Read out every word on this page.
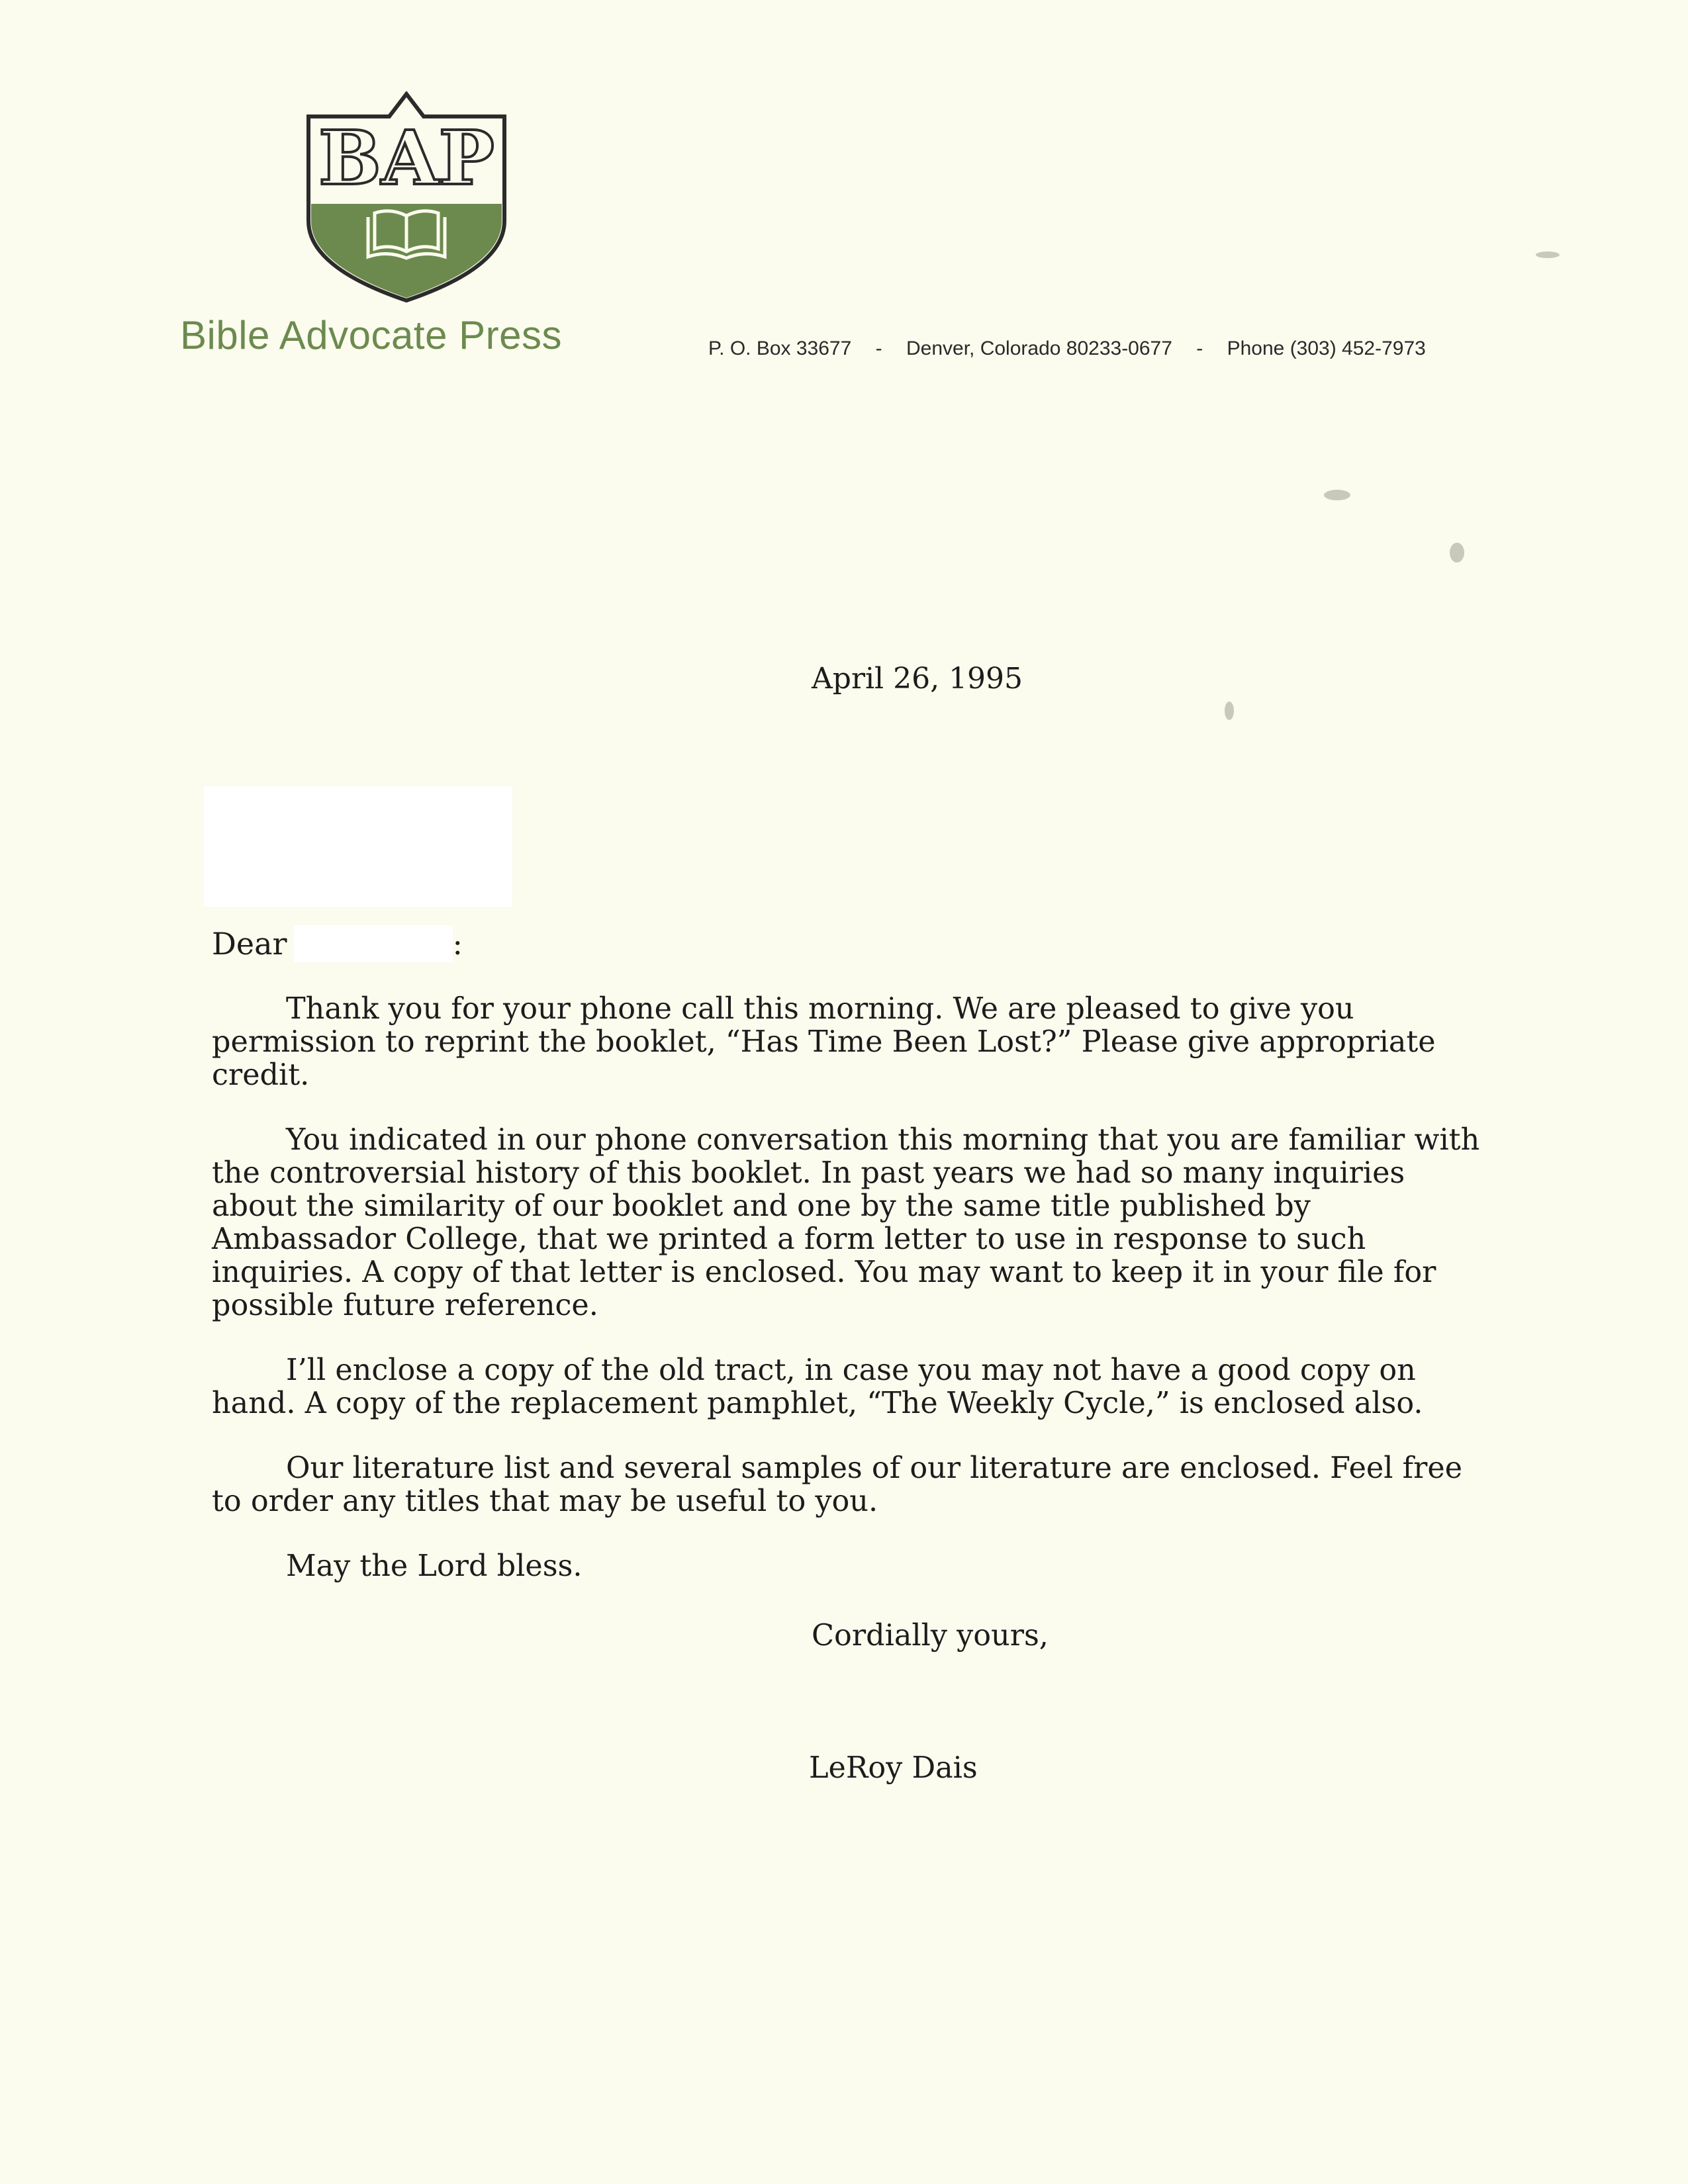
BAP
Bible Advocate Press	P. O. Box 33677 - Denver, Colorado 80233-0677 - Phone (303) 452-7973
April 26, 1995
Dear	:

Thank you for your phone call this morning. We are pleased to give you permission to reprint the booklet, “Has Time Been Lost?” Please give appropriate credit.

You indicated in our phone conversation this morning that you are familiar with the controversial history of this booklet. In past years we had so many inquiries about the similarity of our booklet and one by the same title published by Ambassador College, that we printed a form letter to use in response to such inquiries. A copy of that letter is enclosed. You may want to keep it in your file for possible future reference.

I’ll enclose a copy of the old tract, in case you may not have a good copy on hand. A copy of the replacement pamphlet, “The Weekly Cycle,” is enclosed also.

Our literature list and several samples of our literature are enclosed. Feel free to order any titles that may be useful to you.

May the Lord bless.

Cordially yours,
LeRoy Dais
